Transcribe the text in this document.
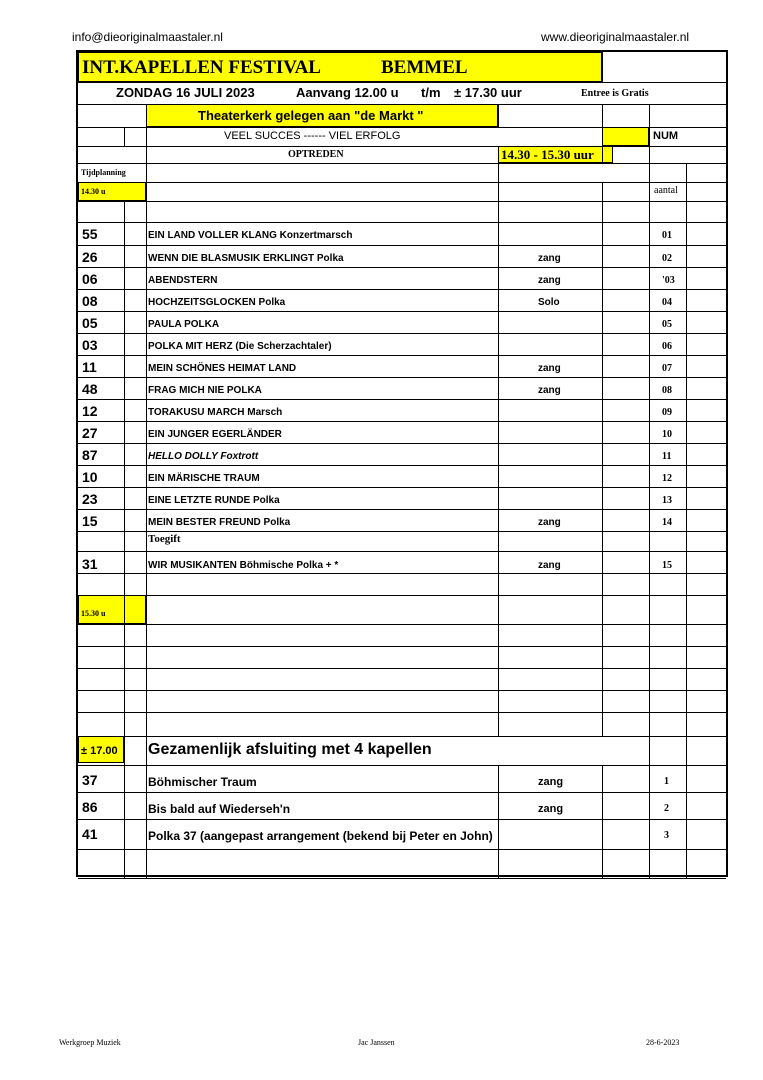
info@dieoriginalmaastaler.nl	www.dieoriginalmaastaler.nl
INT.KAPELLEN FESTIVAL	BEMMEL
ZONDAG 16 JULI 2023	Aanvang 12.00 u t/m ± 17.30 uur	Entree is Gratis
Theaterkerk gelegen aan "de Markt "
VEEL SUCCES ------ VIEL ERFOLG	NUM
OPTREDEN	14.30 - 15.30 uur
Tijdplanning
14.30 u	aantal
55	EIN LAND VOLLER KLANG Konzertmarsch	01
26	WENN DIE BLASMUSIK ERKLINGT Polka	zang	02
06	ABENDSTERN	zang	'03
08	HOCHZEITSGLOCKEN Polka	Solo	04
05	PAULA POLKA	05
03	POLKA MIT HERZ (Die Scherzachtaler)	06
11	MEIN SCHÖNES HEIMAT LAND	zang	07
48	FRAG MICH NIE POLKA	zang	08
12	TORAKUSU MARCH Marsch	09
27	EIN JUNGER EGERLÄNDER	10
87	HELLO DOLLY Foxtrott	11
10	EIN MÄRISCHE TRAUM	12
23	EINE LETZTE RUNDE Polka	13
15	MEIN BESTER FREUND Polka	zang	14
Toegift
31	WIR MUSIKANTEN Böhmische Polka + *	zang	15
15.30 u
± 17.00 Gezamenlijk afsluiting met 4 kapellen
37	Böhmischer Traum	zang	1
86	Bis bald auf Wiederseh'n	zang	2
41	Polka 37 (aangepast arrangement (bekend bij Peter en John)	3
Werkgroep Muziek	Jac Janssen	28-6-2023
